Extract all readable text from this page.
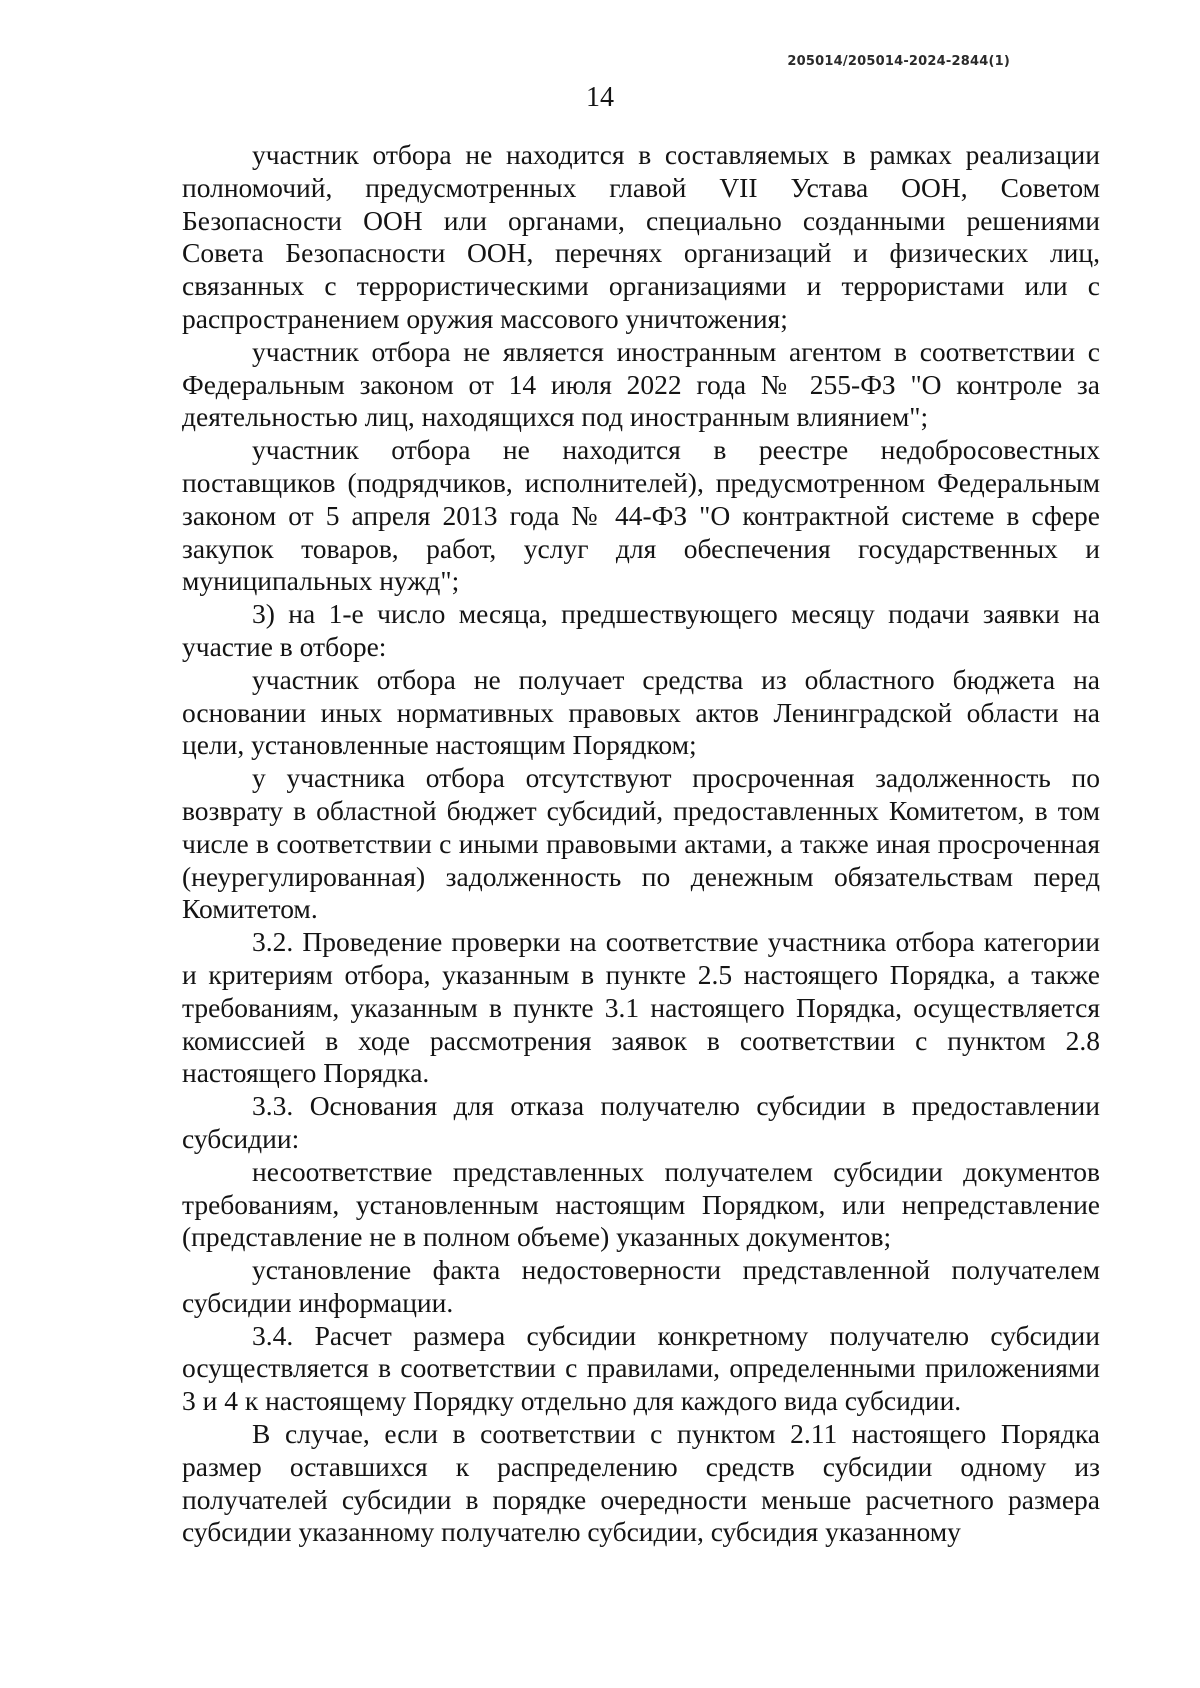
205014/205014-2024-2844(1)
14

участник отбора не находится в составляемых в рамках реализации полномочий, предусмотренных главой VII Устава ООН, Советом Безопасности ООН или органами, специально созданными решениями Совета Безопасности ООН, перечнях организаций и физических лиц, связанных с террористическими организациями и террористами или с распространением оружия массового уничтожения;

участник отбора не является иностранным агентом в соответствии с Федеральным законом от 14 июля 2022 года № 255-ФЗ "О контроле за деятельностью лиц, находящихся под иностранным влиянием";

участник отбора не находится в реестре недобросовестных поставщиков (подрядчиков, исполнителей), предусмотренном Федеральным законом от 5 апреля 2013 года № 44-ФЗ "О контрактной системе в сфере закупок товаров, работ, услуг для обеспечения государственных и муниципальных нужд";

3) на 1-е число месяца, предшествующего месяцу подачи заявки на участие в отборе:

участник отбора не получает средства из областного бюджета на основании иных нормативных правовых актов Ленинградской области на цели, установленные настоящим Порядком;

у участника отбора отсутствуют просроченная задолженность по возврату в областной бюджет субсидий, предоставленных Комитетом, в том числе в соответствии с иными правовыми актами, а также иная просроченная (неурегулированная) задолженность по денежным обязательствам перед Комитетом.

3.2. Проведение проверки на соответствие участника отбора категории и критериям отбора, указанным в пункте 2.5 настоящего Порядка, а также требованиям, указанным в пункте 3.1 настоящего Порядка, осуществляется комиссией в ходе рассмотрения заявок в соответствии с пунктом 2.8 настоящего Порядка.

3.3. Основания для отказа получателю субсидии в предоставлении субсидии:

несоответствие представленных получателем субсидии документов требованиям, установленным настоящим Порядком, или непредставление (представление не в полном объеме) указанных документов;

установление факта недостоверности представленной получателем субсидии информации.

3.4. Расчет размера субсидии конкретному получателю субсидии осуществляется в соответствии с правилами, определенными приложениями 3 и 4 к настоящему Порядку отдельно для каждого вида субсидии.

В случае, если в соответствии с пунктом 2.11 настоящего Порядка размер оставшихся к распределению средств субсидии одному из получателей субсидии в порядке очередности меньше расчетного размера субсидии указанному получателю субсидии, субсидия указанному
